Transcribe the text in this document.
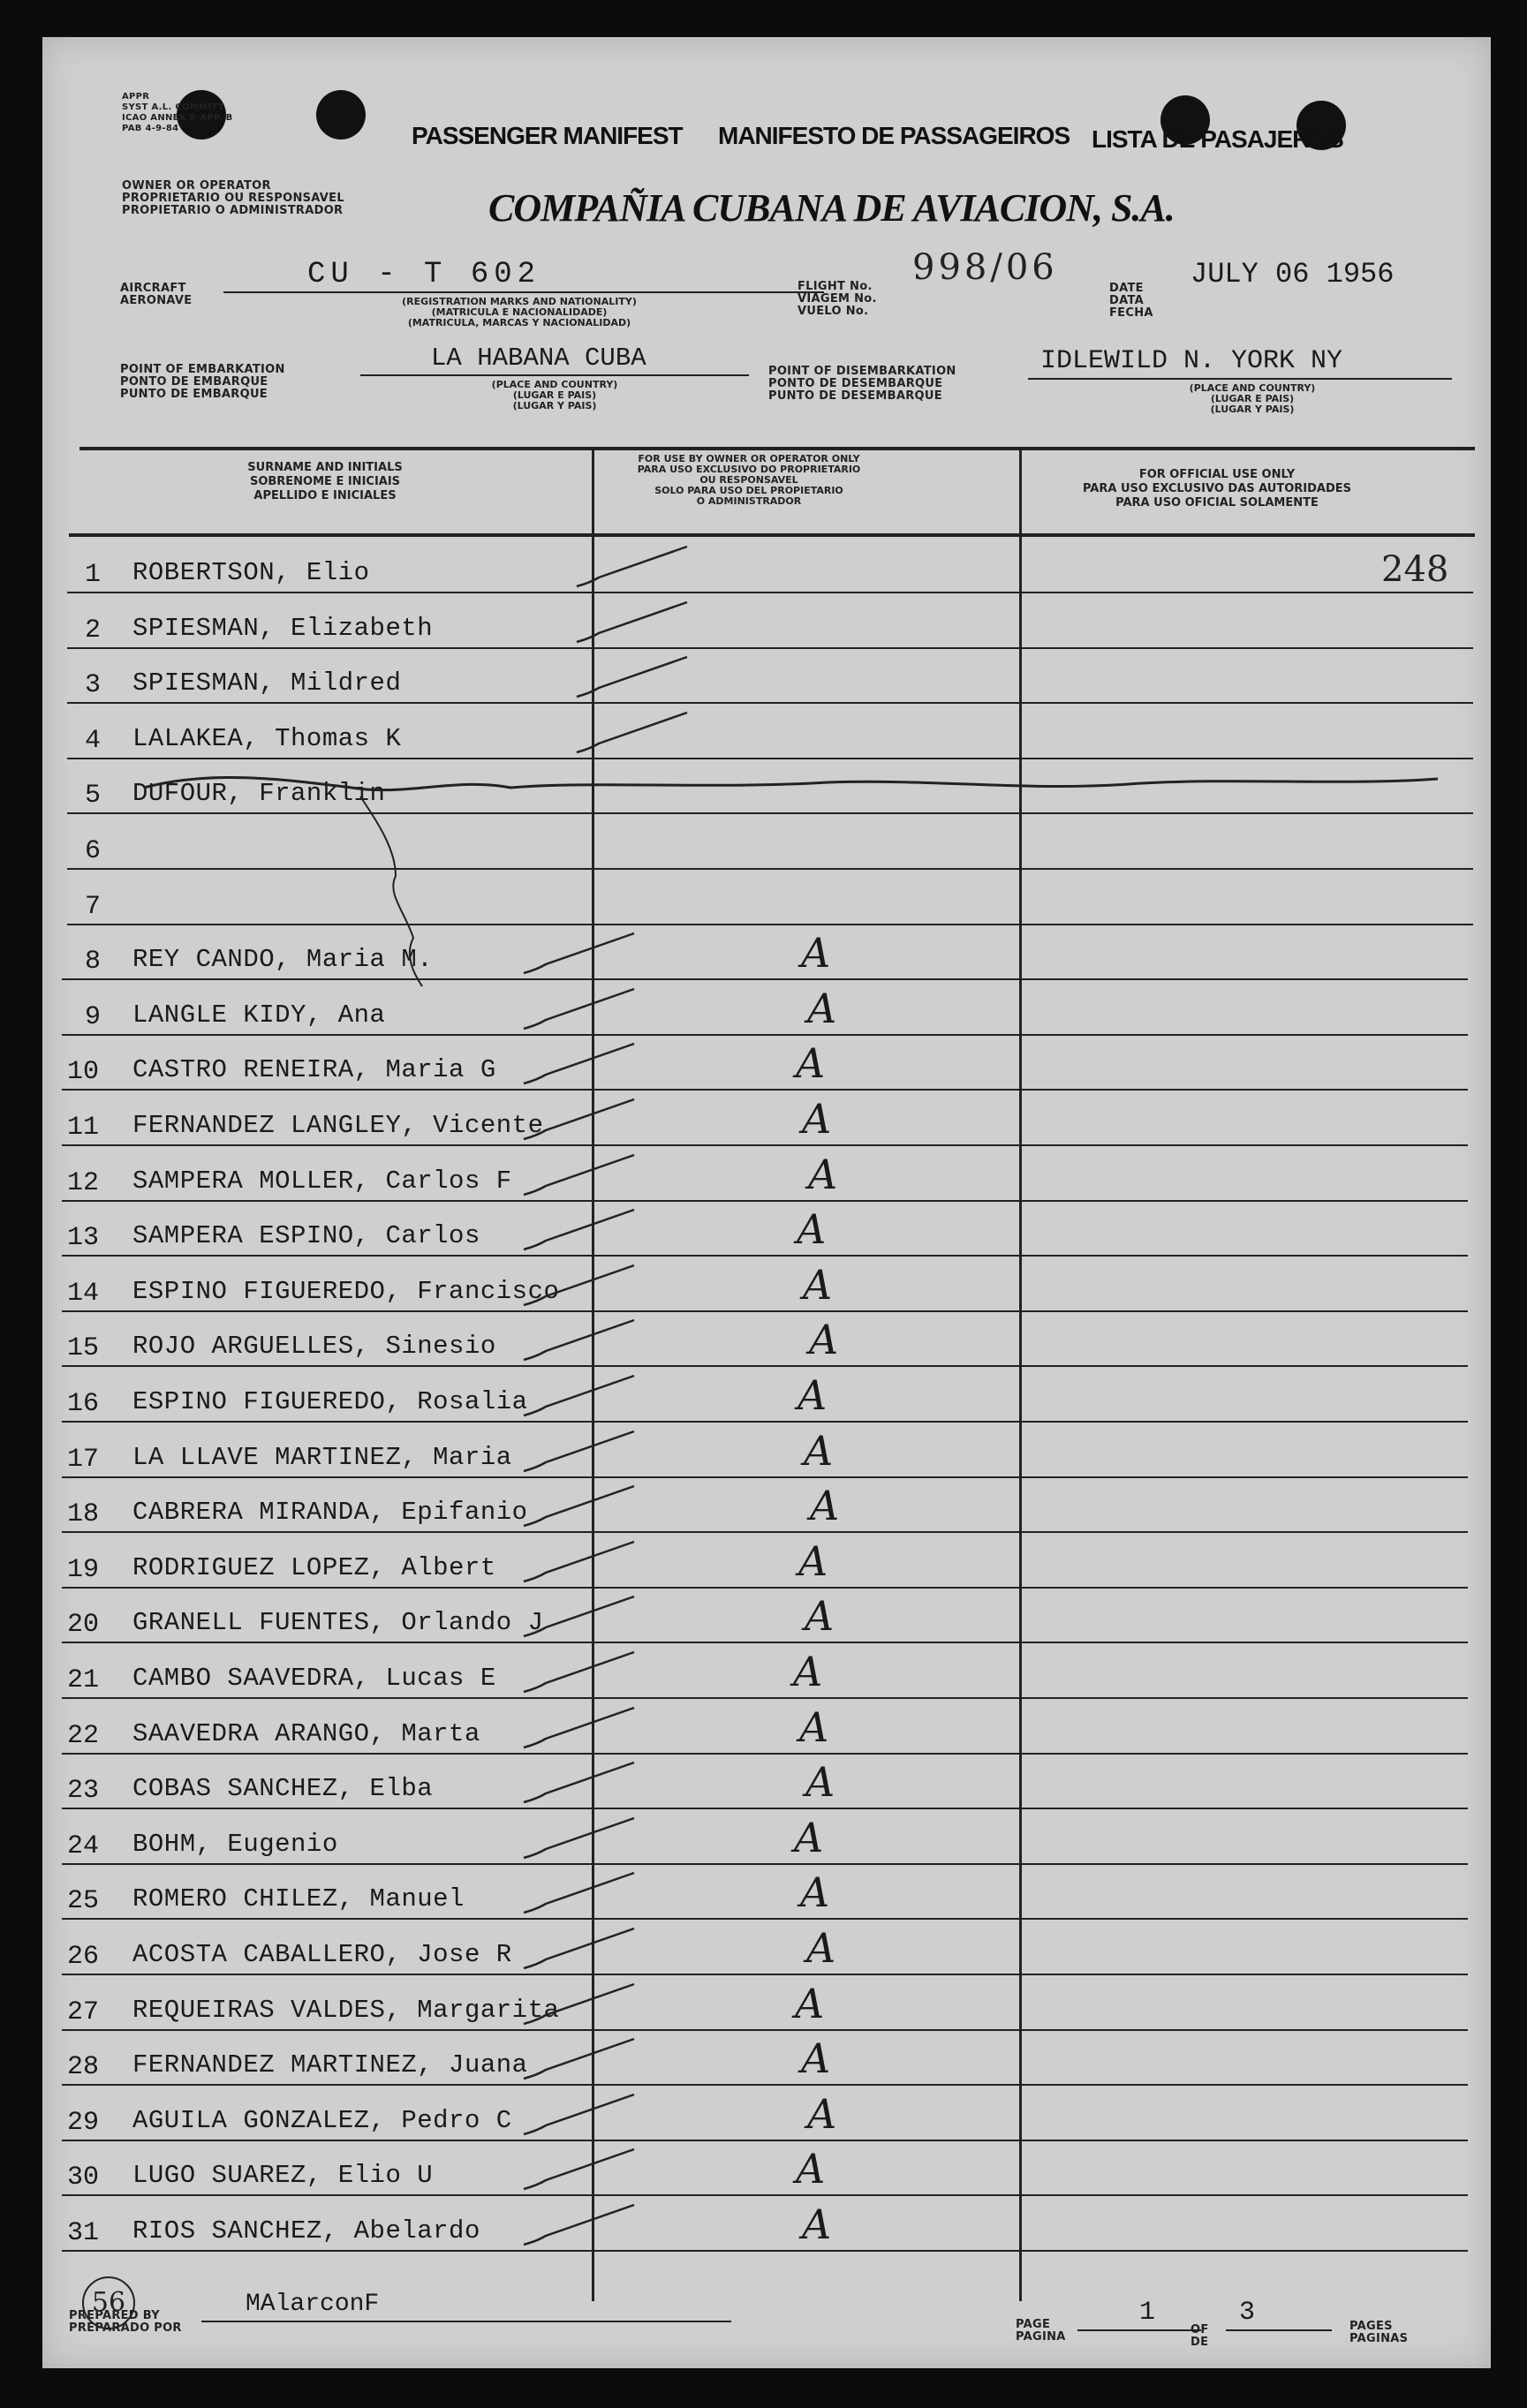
APPR
SYST A.L. COMMITT
ICAO ANNEX 9-APP. B
PAB 4-9-84	PASSENGER MANIFEST MANIFESTO DE PASSAGEIROS LISTA DE PASAJEROS
OWNER OR OPERATOR
PROPRIETARIO OU RESPONSAVEL
PROPIETARIO O ADMINISTRADOR	COMPAÑIA CUBANA DE AVIACION, S.A.
AIRCRAFT
AERONAVE
CU - T 602
(REGISTRATION MARKS AND NATIONALITY)
(MATRICULA E NACIONALIDADE)
(MATRICULA, MARCAS Y NACIONALIDAD)
FLIGHT No.
VIAGEM No.
VUELO No.
998/06
DATE
DATA
FECHA
JULY 06 1956
POINT OF EMBARKATION
PONTO DE EMBARQUE
PUNTO DE EMBARQUE
LA HABANA CUBA
(PLACE AND COUNTRY)
(LUGAR E PAIS)
(LUGAR Y PAIS)
POINT OF DISEMBARKATION
PONTO DE DESEMBARQUE
PUNTO DE DESEMBARQUE
IDLEWILD N. YORK NY
(PLACE AND COUNTRY)
(LUGAR E PAIS)
(LUGAR Y PAIS)
SURNAME AND INITIALS
SOBRENOME E INICIAIS
APELLIDO E INICIALES
FOR USE BY OWNER OR OPERATOR ONLY
PARA USO EXCLUSIVO DO PROPRIETARIO
OU RESPONSAVEL
SOLO PARA USO DEL PROPIETARIO
O ADMINISTRADOR
FOR OFFICIAL USE ONLY
PARA USO EXCLUSIVO DAS AUTORIDADES
PARA USO OFICIAL SOLAMENTE
248
1 ROBERTSON, Elio
2 SPIESMAN, Elizabeth
3 SPIESMAN, Mildred
4 LALAKEA, Thomas K
5 DUFOUR, Franklin
6
7
8 REY CANDO, Maria M.	A
9 LANGLE KIDY, Ana	A
10 CASTRO RENEIRA, Maria G	A
11 FERNANDEZ LANGLEY, Vicente	A
12 SAMPERA MOLLER, Carlos F	A
13 SAMPERA ESPINO, Carlos	A
14 ESPINO FIGUEREDO, Francisco	A
15 ROJO ARGUELLES, Sinesio	A
16 ESPINO FIGUEREDO, Rosalia	A
17 LA LLAVE MARTINEZ, Maria	A
18 CABRERA MIRANDA, Epifanio	A
19 RODRIGUEZ LOPEZ, Albert	A
20 GRANELL FUENTES, Orlando J	A
21 CAMBO SAAVEDRA, Lucas E	A
22 SAAVEDRA ARANGO, Marta	A
23 COBAS SANCHEZ, Elba	A
24 BOHM, Eugenio	A
25 ROMERO CHILEZ, Manuel	A
26 ACOSTA CABALLERO, Jose R	A
27 REQUEIRAS VALDES, Margarita	A
28 FERNANDEZ MARTINEZ, Juana	A
29 AGUILA GONZALEZ, Pedro C	A
30 LUGO SUAREZ, Elio U	A
31 RIOS SANCHEZ, Abelardo	A
56
PREPARED BY
PREPARADO POR
MAlarconF
PAGE
PAGINA
1
OF
DE
3	PAGES
PAGINAS
